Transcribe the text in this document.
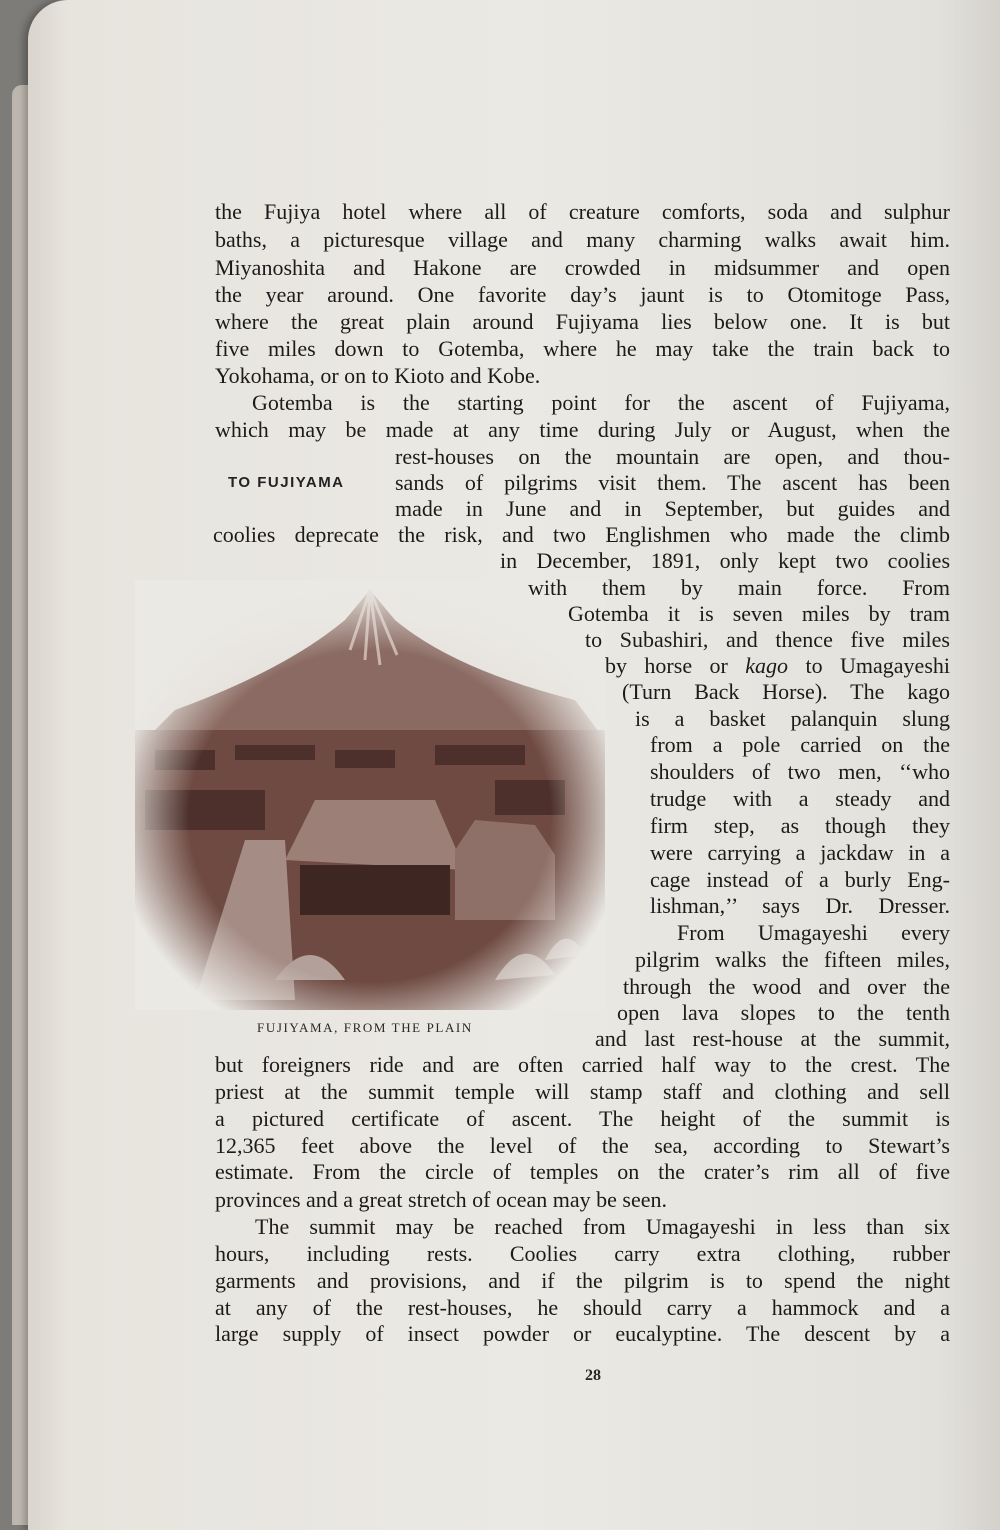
TO FUJIYAMA
FUJIYAMA, FROM THE PLAIN
28
the Fujiya hotel where all of creature comforts, soda and sulphur
baths, a picturesque village and many charming walks await him.
Miyanoshita and Hakone are crowded in midsummer and open
the year around. One favorite day’s jaunt is to Otomitoge Pass,
where the great plain around Fujiyama lies below one. It is but
five miles down to Gotemba, where he may take the train back to
Yokohama, or on to Kioto and Kobe.
Gotemba is the starting point for the ascent of Fujiyama,
which may be made at any time during July or August, when the
rest-houses on the mountain are open, and thou-
sands of pilgrims visit them. The ascent has been
made in June and in September, but guides and
coolies deprecate the risk, and two Englishmen who made the climb
in December, 1891, only kept two coolies
with them by main force. From
Gotemba it is seven miles by tram
to Subashiri, and thence five miles
by horse or kago to Umagayeshi
(Turn Back Horse). The kago
is a basket palanquin slung
from a pole carried on the
shoulders of two men, ‘‘who
trudge with a steady and
firm step, as though they
were carrying a jackdaw in a
cage instead of a burly Eng-
lishman,’’ says Dr. Dresser.
From Umagayeshi every
pilgrim walks the fifteen miles,
through the wood and over the
open lava slopes to the tenth
and last rest-house at the summit,
but foreigners ride and are often carried half way to the crest. The
priest at the summit temple will stamp staff and clothing and sell
a pictured certificate of ascent. The height of the summit is
12,365 feet above the level of the sea, according to Stewart’s
estimate. From the circle of temples on the crater’s rim all of five
provinces and a great stretch of ocean may be seen.
The summit may be reached from Umagayeshi in less than six
hours, including rests. Coolies carry extra clothing, rubber
garments and provisions, and if the pilgrim is to spend the night
at any of the rest-houses, he should carry a hammock and a
large supply of insect powder or eucalyptine. The descent by a
